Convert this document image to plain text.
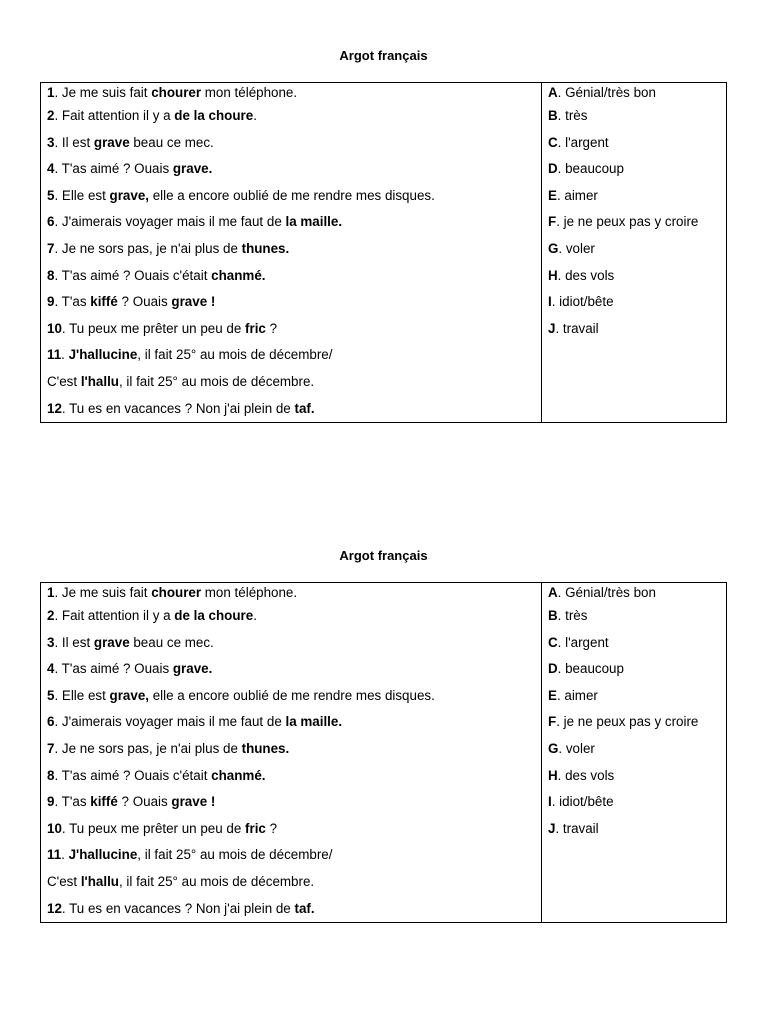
Argot français
1. Je me suis fait chourer mon téléphone.
2. Fait attention il y a de la choure.
3. Il est grave beau ce mec.
4. T'as aimé ? Ouais grave.
5. Elle est grave, elle a encore oublié de me rendre mes disques.
6. J'aimerais voyager mais il me faut de la maille.
7. Je ne sors pas, je n'ai plus de thunes.
8. T'as aimé ? Ouais c'était chanmé.
9. T'as kiffé ? Ouais grave !
10. Tu peux me prêter un peu de fric ?
11. J'hallucine, il fait 25° au mois de décembre/
C'est l'hallu, il fait 25° au mois de décembre.
12. Tu es en vacances ? Non j'ai plein de taf.
A. Génial/très bon
B. très
C. l'argent
D. beaucoup
E. aimer
F. je ne peux pas y croire
G. voler
H. des vols
I. idiot/bête
J. travail
Argot français
1. Je me suis fait chourer mon téléphone.
2. Fait attention il y a de la choure.
3. Il est grave beau ce mec.
4. T'as aimé ? Ouais grave.
5. Elle est grave, elle a encore oublié de me rendre mes disques.
6. J'aimerais voyager mais il me faut de la maille.
7. Je ne sors pas, je n'ai plus de thunes.
8. T'as aimé ? Ouais c'était chanmé.
9. T'as kiffé ? Ouais grave !
10. Tu peux me prêter un peu de fric ?
11. J'hallucine, il fait 25° au mois de décembre/
C'est l'hallu, il fait 25° au mois de décembre.
12. Tu es en vacances ? Non j'ai plein de taf.
A. Génial/très bon
B. très
C. l'argent
D. beaucoup
E. aimer
F. je ne peux pas y croire
G. voler
H. des vols
I. idiot/bête
J. travail
